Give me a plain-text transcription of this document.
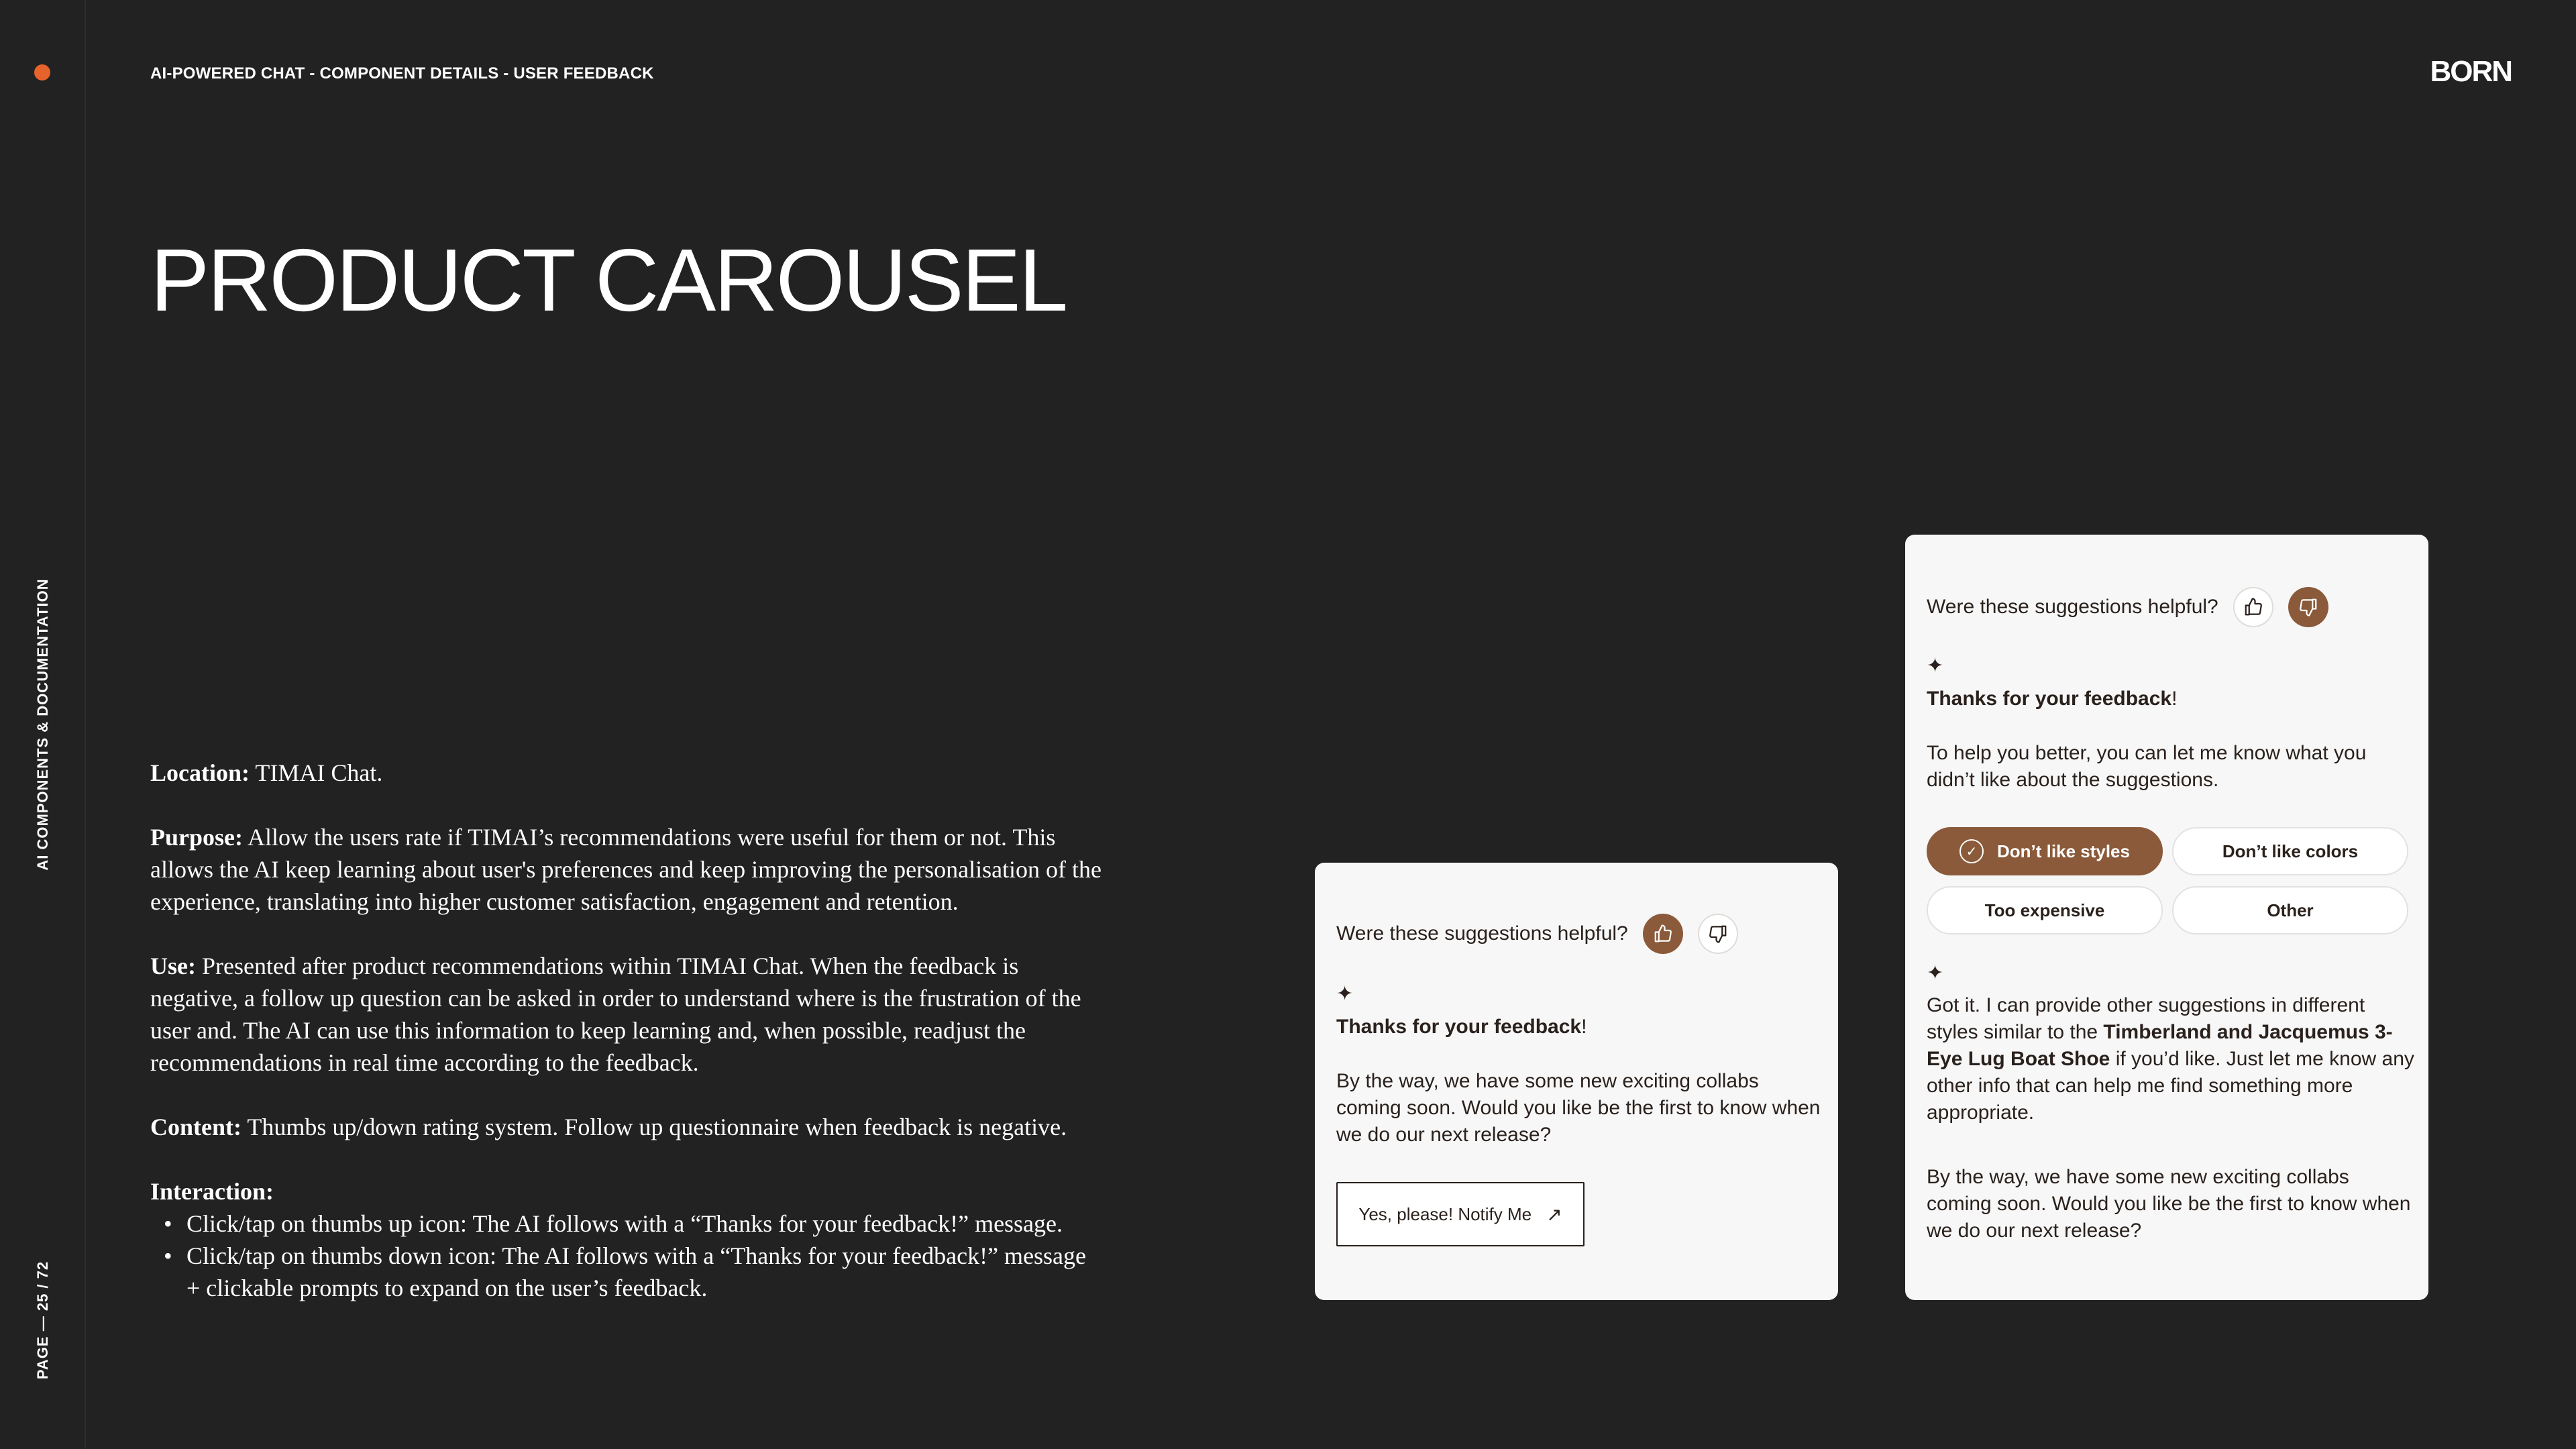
AI COMPONENTS & DOCUMENTATION
PAGE — 25 / 72
AI-POWERED CHAT - COMPONENT DETAILS - USER FEEDBACK	BORN
PRODUCT CAROUSEL

Location: TIMAI Chat.

Purpose: Allow the users rate if TIMAI’s recommendations were useful for them or not. This allows the AI keep learning about user's preferences and keep improving the personalisation of the experience, translating into higher customer satisfaction, engagement and retention.

Use: Presented after product recommendations within TIMAI Chat. When the feedback is negative, a follow up question can be asked in order to understand where is the frustration of the user and. The AI can use this information to keep learning and, when possible, readjust the recommendations in real time according to the feedback.

Content: Thumbs up/down rating system. Follow up questionnaire when feedback is negative.

Interaction:
• Click/tap on thumbs up icon: The AI follows with a “Thanks for your feedback!” message.
• Click/tap on thumbs down icon: The AI follows with a “Thanks for your feedback!” message + clickable prompts to expand on the user’s feedback.
Were these suggestions helpful?
✦
Thanks for your feedback!
By the way, we have some new exciting collabs coming soon. Would you like be the first to know when we do our next release?
Yes, please! Notify Me ↗
Were these suggestions helpful?
✦
Thanks for your feedback!
To help you better, you can let me know what you didn’t like about the suggestions.
✓	Don’t like styles	Don’t like colors
Too expensive	Other
✦
Got it. I can provide other suggestions in different styles similar to the Timberland and Jacquemus 3-Eye Lug Boat Shoe if you’d like. Just let me know any other info that can help me find something more appropriate.
By the way, we have some new exciting collabs coming soon. Would you like be the first to know when we do our next release?
